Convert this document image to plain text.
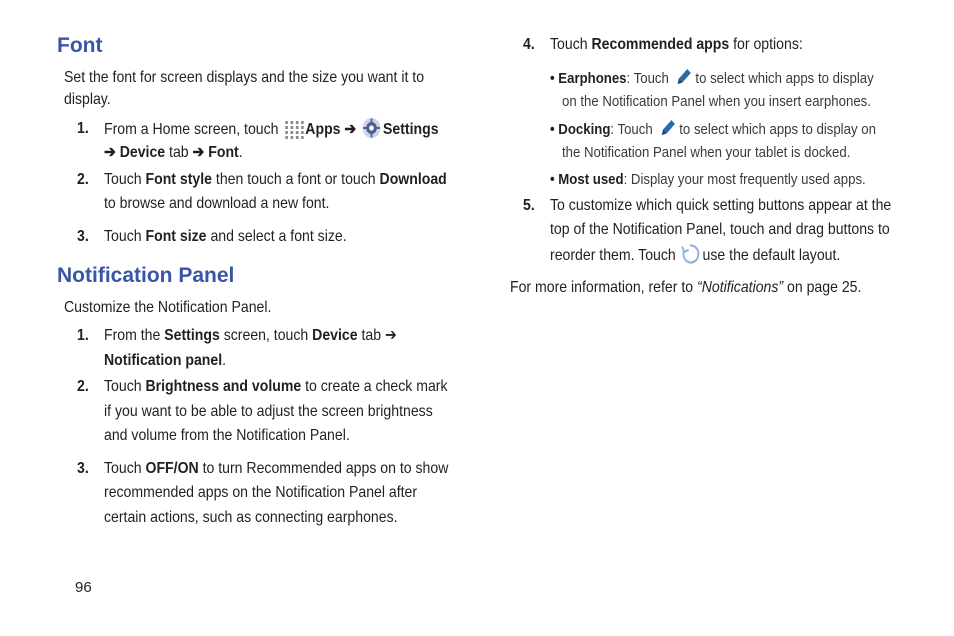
Font
Set the font for screen displays and the size you want it to
display.
1. From a Home screen, touch Apps ➔ Settings
➔ Device tab ➔ Font.
2. Touch Font style then touch a font or touch Download
to browse and download a new font.
3. Touch Font size and select a font size.
Notification Panel
Customize the Notification Panel.
1. From the Settings screen, touch Device tab ➔
Notification panel.
2. Touch Brightness and volume to create a check mark
if you want to be able to adjust the screen brightness
and volume from the Notification Panel.
3. Touch OFF/ON to turn Recommended apps on to show
recommended apps on the Notification Panel after
certain actions, such as connecting earphones.
4. Touch Recommended apps for options:
• Earphones: Touch to select which apps to display
on the Notification Panel when you insert earphones.
• Docking: Touch to select which apps to display on
the Notification Panel when your tablet is docked.
• Most used: Display your most frequently used apps.
5. To customize which quick setting buttons appear at the
top of the Notification Panel, touch and drag buttons to
reorder them. Touch use the default layout.
For more information, refer to “Notifications” on page 25.
96
